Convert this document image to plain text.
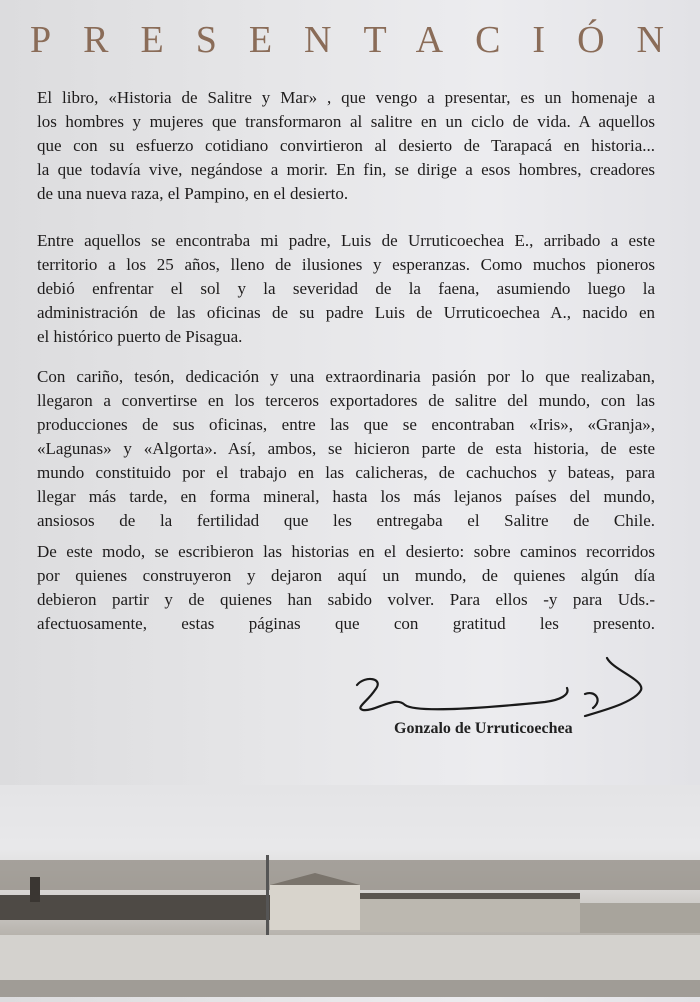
PRESENTACIÓN
El libro, «Historia de Salitre y Mar» , que vengo a presentar, es un homenaje a
los hombres y mujeres que transformaron al salitre en un ciclo de vida. A aquellos
que con su esfuerzo cotidiano convirtieron al desierto de Tarapacá en historia...
la que todavía vive, negándose a morir. En fin, se dirige a esos hombres, creadores
de una nueva raza, el Pampino, en el desierto.
Entre aquellos se encontraba mi padre, Luis de Urruticoechea E., arribado a este
territorio a los 25 años, lleno de ilusiones y esperanzas. Como muchos pioneros
debió enfrentar el sol y la severidad de la faena, asumiendo luego la
administración de las oficinas de su padre Luis de Urruticoechea A., nacido en
el histórico puerto de Pisagua.
Con cariño, tesón, dedicación y una extraordinaria pasión por lo que realizaban,
llegaron a convertirse en los terceros exportadores de salitre del mundo, con las
producciones de sus oficinas, entre las que se encontraban «Iris», «Granja»,
«Lagunas» y «Algorta». Así, ambos, se hicieron parte de esta historia, de este
mundo constituido por el trabajo en las calicheras, de cachuchos y bateas, para
llegar más tarde, en forma mineral, hasta los más lejanos países del mundo,
ansiosos de la fertilidad que les entregaba el Salitre de Chile.
De este modo, se escribieron las historias en el desierto: sobre caminos recorridos
por quienes construyeron y dejaron aquí un mundo, de quienes algún día
debieron partir y de quienes han sabido volver. Para ellos -y para Uds.-
afectuosamente, estas páginas que con gratitud les presento.
Gonzalo de Urruticoechea
